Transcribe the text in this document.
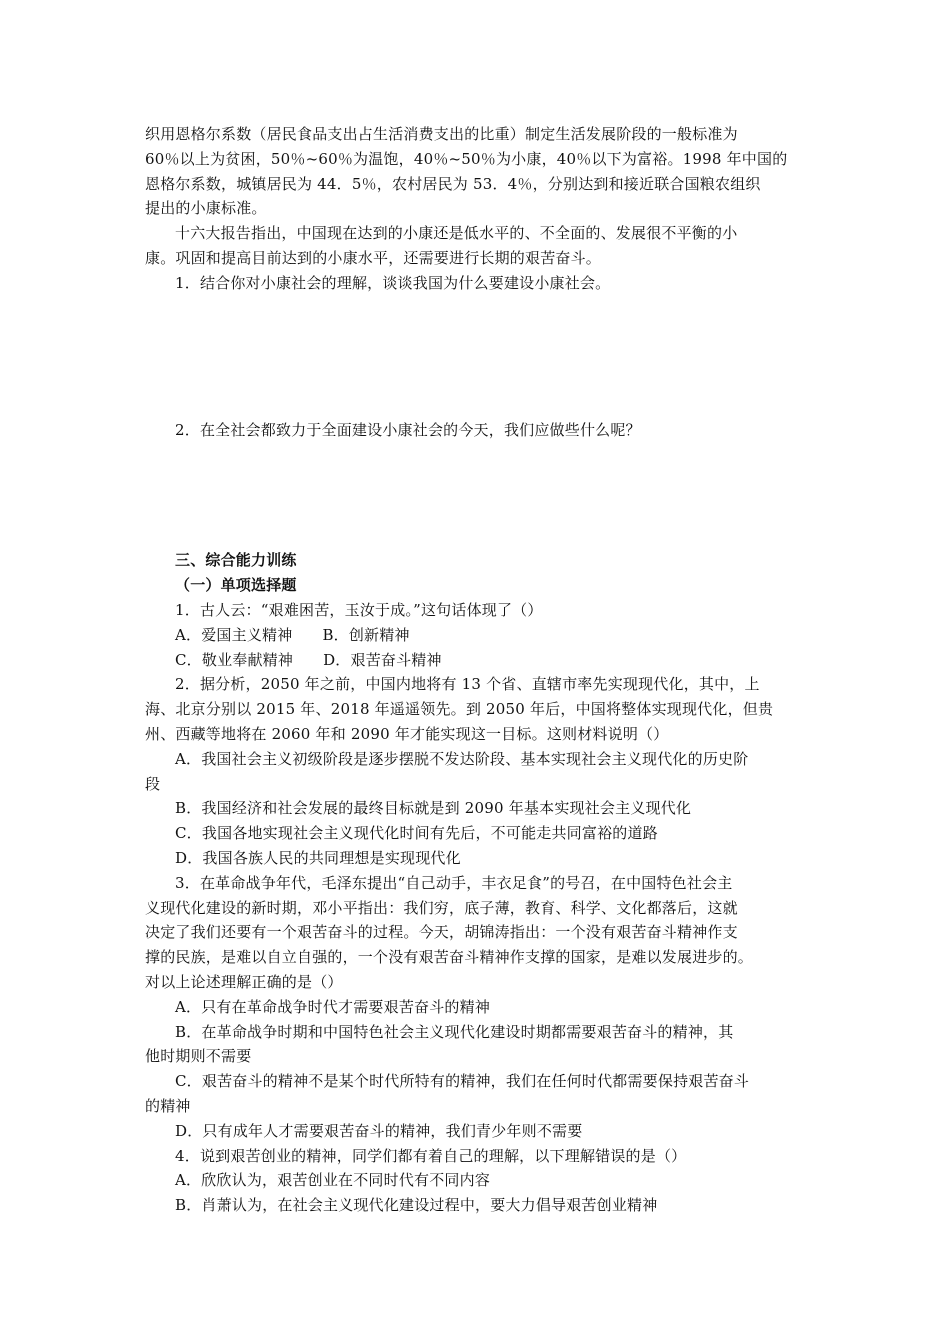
织用恩格尔系数（居民食品支出占生活消费支出的比重）制定生活发展阶段的一般标准为

60％以上为贫困，50％~60％为温饱，40％~50％为小康，40％以下为富裕。1998 年中国的

恩格尔系数，城镇居民为 44．5％，农村居民为 53．4％，分别达到和接近联合国粮农组织

提出的小康标准。

十六大报告指出，中国现在达到的小康还是低水平的、不全面的、发展很不平衡的小

康。巩固和提高目前达到的小康水平，还需要进行长期的艰苦奋斗。

1．结合你对小康社会的理解，谈谈我国为什么要建设小康社会。

2．在全社会都致力于全面建设小康社会的今天，我们应做些什么呢？

三、综合能力训练

（一）单项选择题

1．古人云：“艰难困苦，玉汝于成。”这句话体现了（）

A．爱国主义精神 B．创新精神

C．敬业奉献精神 D．艰苦奋斗精神

2．据分析，2050 年之前，中国内地将有 13 个省、直辖市率先实现现代化，其中，上

海、北京分别以 2015 年、2018 年遥遥领先。到 2050 年后，中国将整体实现现代化，但贵

州、西藏等地将在 2060 年和 2090 年才能实现这一目标。这则材料说明（）

A．我国社会主义初级阶段是逐步摆脱不发达阶段、基本实现社会主义现代化的历史阶

段

B．我国经济和社会发展的最终目标就是到 2090 年基本实现社会主义现代化

C．我国各地实现社会主义现代化时间有先后，不可能走共同富裕的道路

D．我国各族人民的共同理想是实现现代化

3．在革命战争年代，毛泽东提出“自己动手，丰衣足食”的号召，在中国特色社会主

义现代化建设的新时期，邓小平指出：我们穷，底子薄，教育、科学、文化都落后，这就

决定了我们还要有一个艰苦奋斗的过程。今天，胡锦涛指出：一个没有艰苦奋斗精神作支

撑的民族，是难以自立自强的，一个没有艰苦奋斗精神作支撑的国家，是难以发展进步的。

对以上论述理解正确的是（）

A．只有在革命战争时代才需要艰苦奋斗的精神

B．在革命战争时期和中国特色社会主义现代化建设时期都需要艰苦奋斗的精神，其

他时期则不需要

C．艰苦奋斗的精神不是某个时代所特有的精神，我们在任何时代都需要保持艰苦奋斗

的精神

D．只有成年人才需要艰苦奋斗的精神，我们青少年则不需要

4．说到艰苦创业的精神，同学们都有着自己的理解，以下理解错误的是（）

A．欣欣认为，艰苦创业在不同时代有不同内容

B．肖萧认为，在社会主义现代化建设过程中，要大力倡导艰苦创业精神
